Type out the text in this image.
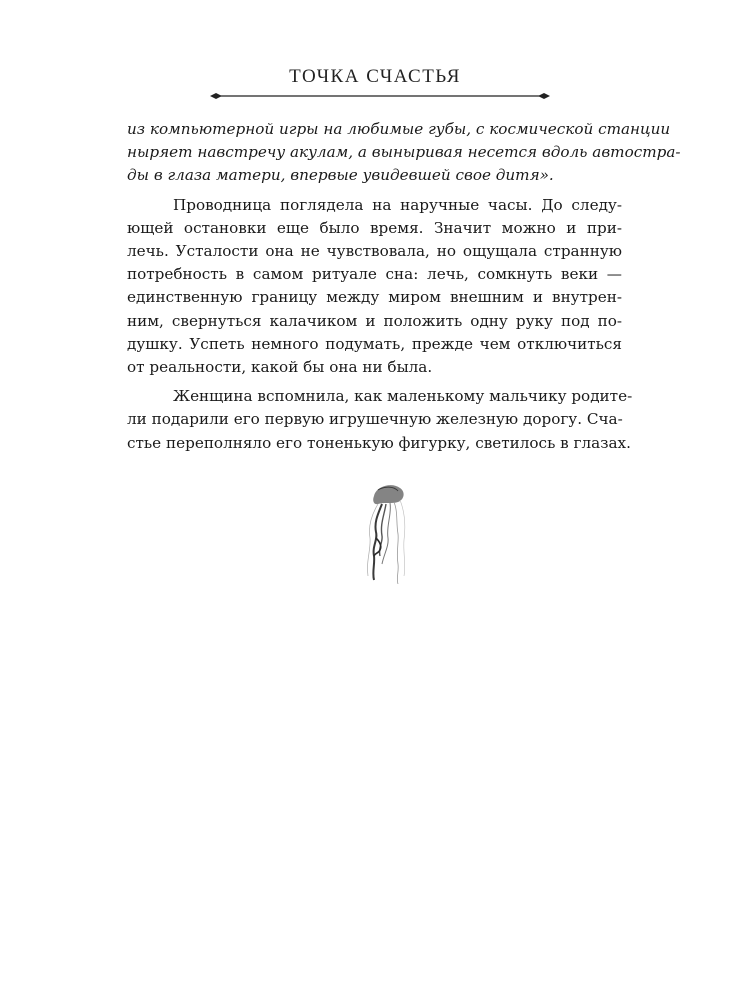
ТОЧКА СЧАСТЬЯ
из компьютерной игры на любимые губы, с космической станции
ныряет навстречу акулам, а выныривая несется вдоль автостра-
ды в глаза матери, впервые увидевшей свое дитя».
Проводница поглядела на наручные часы. До следу-
ющей остановки еще было время. Значит можно и при-
лечь. Усталости она не чувствовала, но ощущала странную
потребность в самом ритуале сна: лечь, сомкнуть веки —
единственную границу между миром внешним и внутрен-
ним, свернуться калачиком и положить одну руку под по-
душку. Успеть немного подумать, прежде чем отключиться
от реальности, какой бы она ни была.
Женщина вспомнила, как маленькому мальчику родите-
ли подарили его первую игрушечную железную дорогу. Сча-
стье переполняло его тоненькую фигурку, светилось в глазах.
